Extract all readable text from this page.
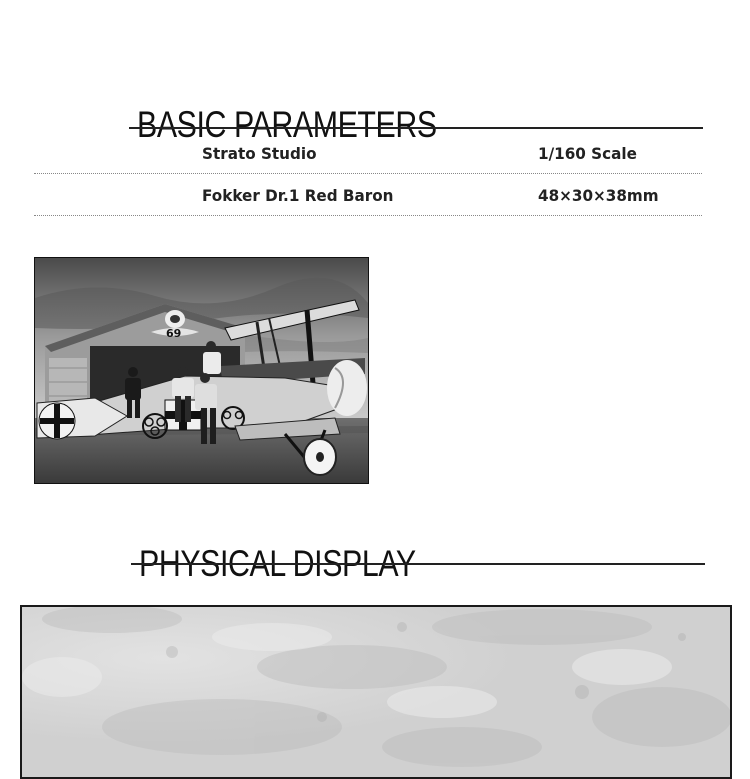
BASIC PARAMETERS
Strato Studio	1/160 Scale
Fokker Dr.1 Red Baron	48×30×38mm
69
PHYSICAL DISPLAY
